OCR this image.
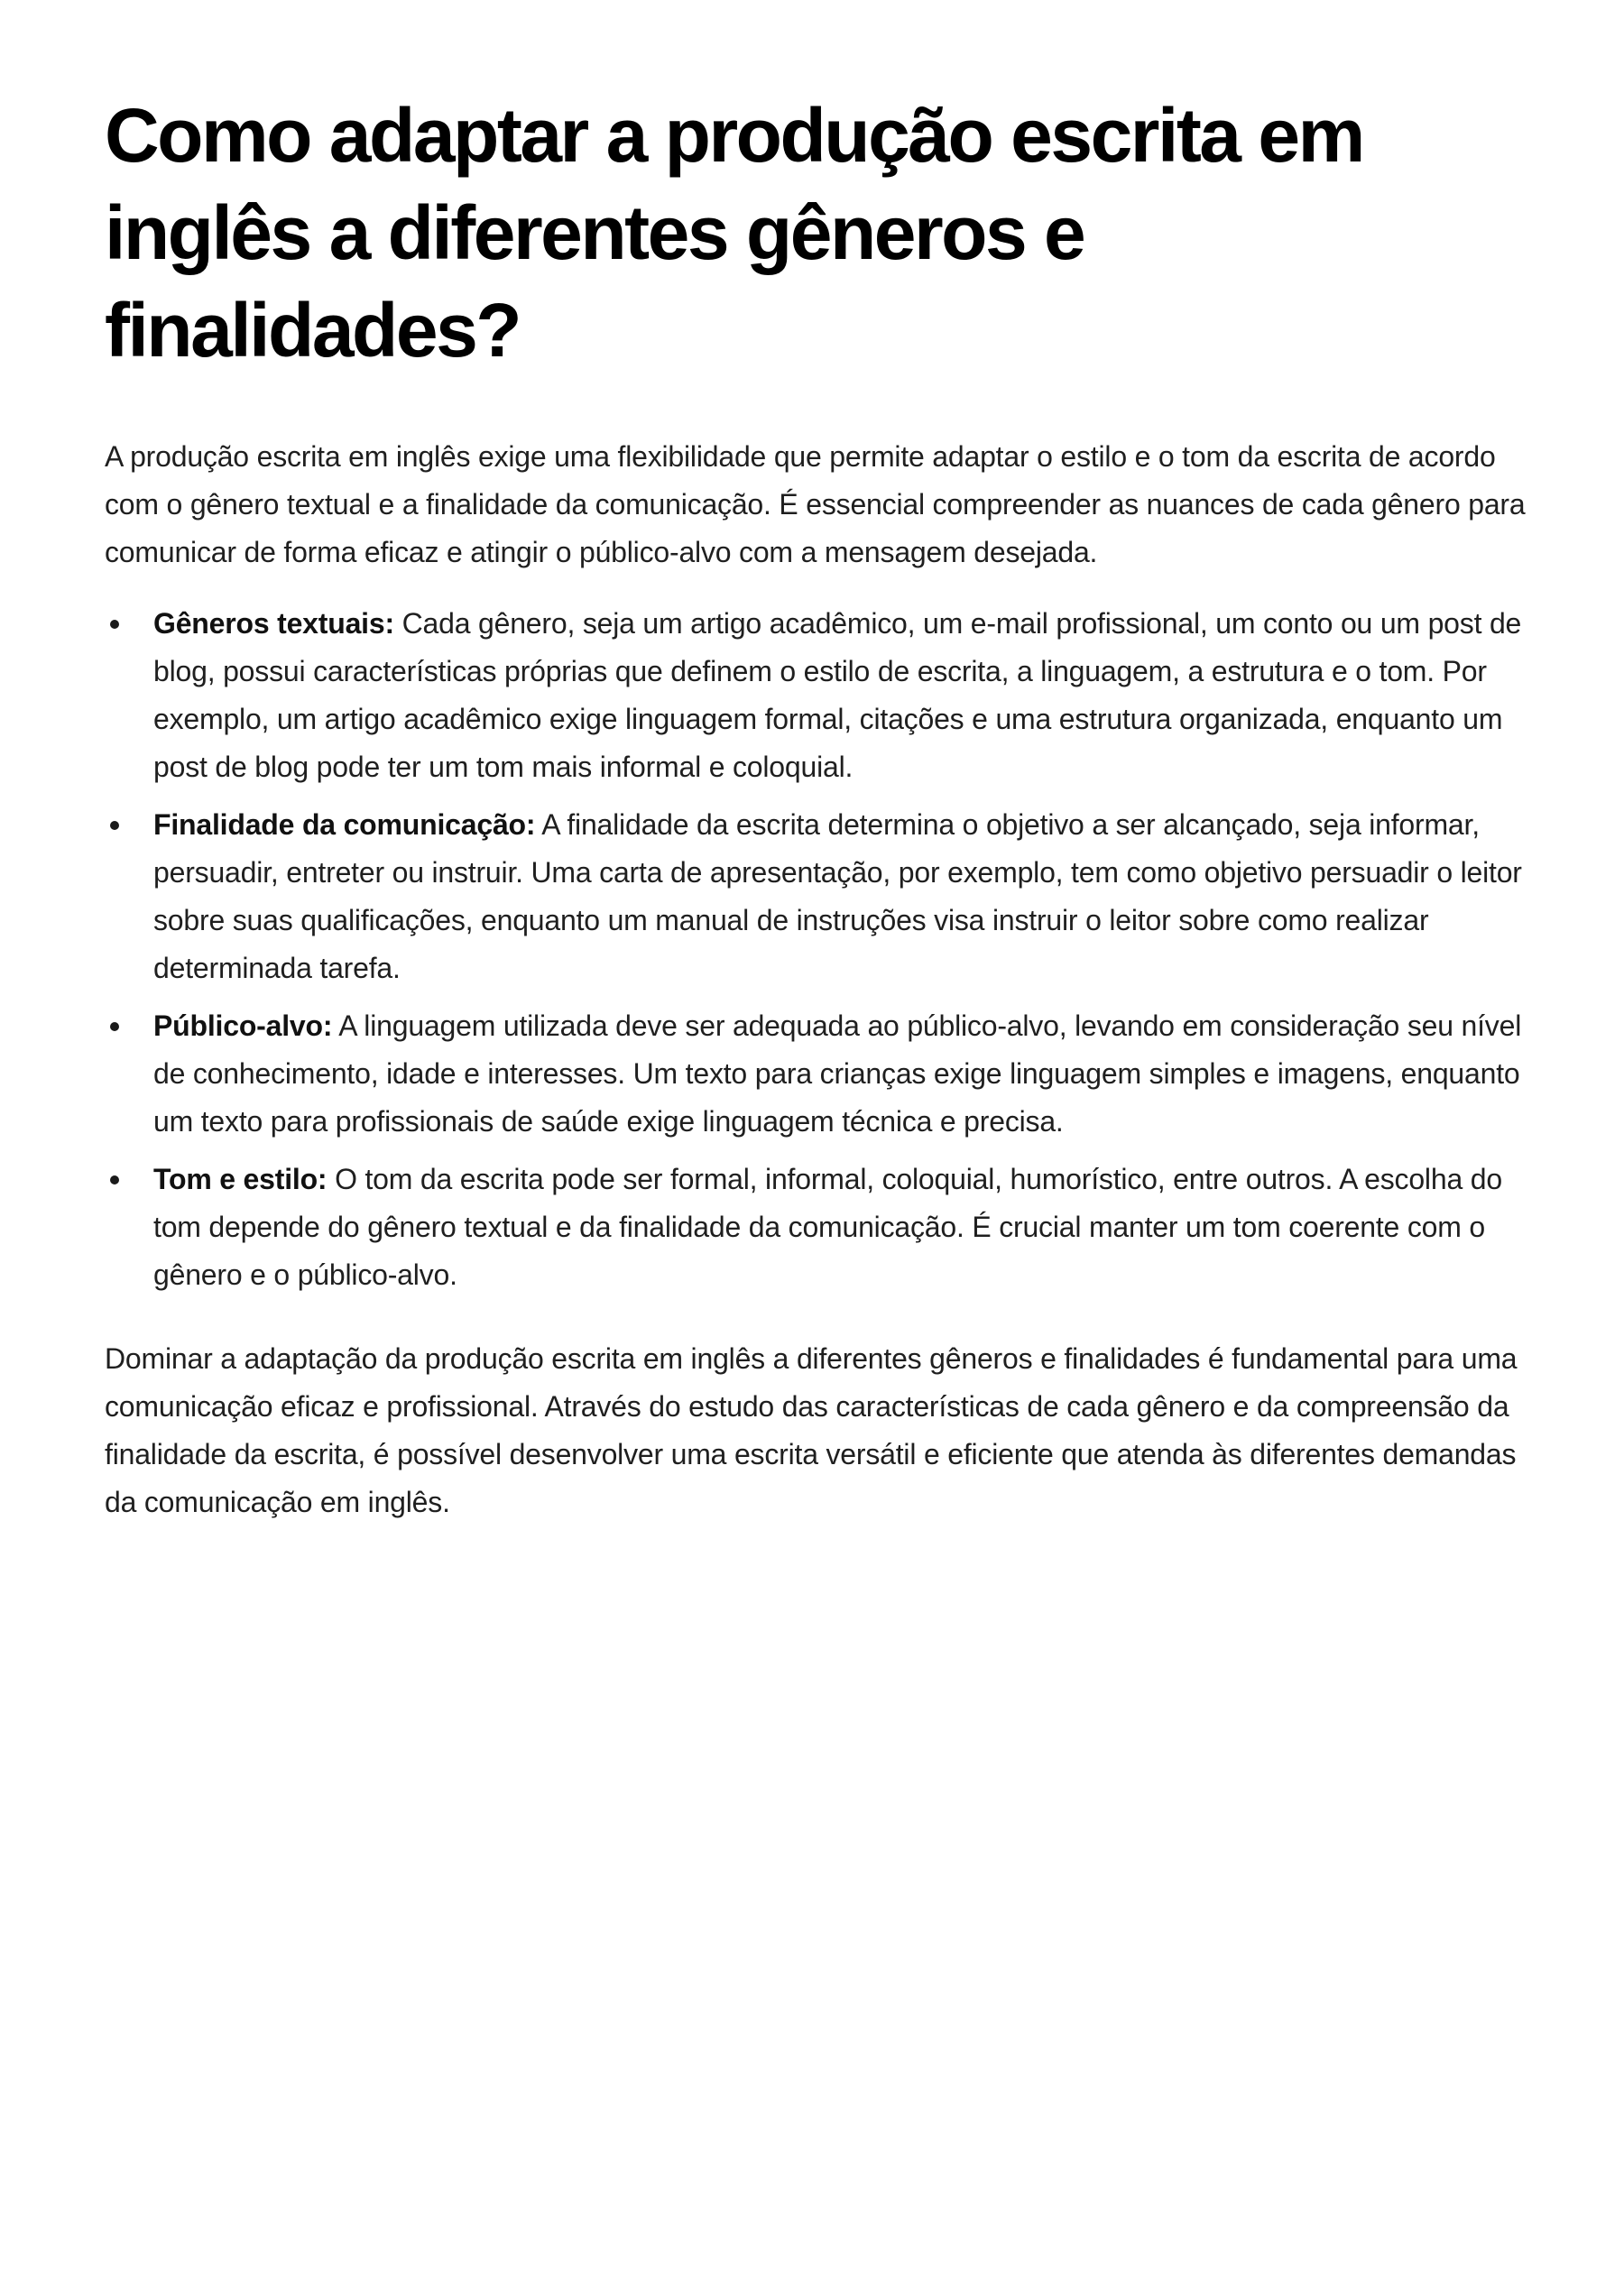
Como adaptar a produção escrita em inglês a diferentes gêneros e finalidades?

A produção escrita em inglês exige uma flexibilidade que permite adaptar o estilo e o tom da escrita de acordo com o gênero textual e a finalidade da comunicação. É essencial compreender as nuances de cada gênero para comunicar de forma eficaz e atingir o público-alvo com a mensagem desejada.

Gêneros textuais: Cada gênero, seja um artigo acadêmico, um e-mail profissional, um conto ou um post de blog, possui características próprias que definem o estilo de escrita, a linguagem, a estrutura e o tom. Por exemplo, um artigo acadêmico exige linguagem formal, citações e uma estrutura organizada, enquanto um post de blog pode ter um tom mais informal e coloquial.
Finalidade da comunicação: A finalidade da escrita determina o objetivo a ser alcançado, seja informar, persuadir, entreter ou instruir. Uma carta de apresentação, por exemplo, tem como objetivo persuadir o leitor sobre suas qualificações, enquanto um manual de instruções visa instruir o leitor sobre como realizar determinada tarefa.
Público-alvo: A linguagem utilizada deve ser adequada ao público-alvo, levando em consideração seu nível de conhecimento, idade e interesses. Um texto para crianças exige linguagem simples e imagens, enquanto um texto para profissionais de saúde exige linguagem técnica e precisa.
Tom e estilo: O tom da escrita pode ser formal, informal, coloquial, humorístico, entre outros. A escolha do tom depende do gênero textual e da finalidade da comunicação. É crucial manter um tom coerente com o gênero e o público-alvo.

Dominar a adaptação da produção escrita em inglês a diferentes gêneros e finalidades é fundamental para uma comunicação eficaz e profissional. Através do estudo das características de cada gênero e da compreensão da finalidade da escrita, é possível desenvolver uma escrita versátil e eficiente que atenda às diferentes demandas da comunicação em inglês.
